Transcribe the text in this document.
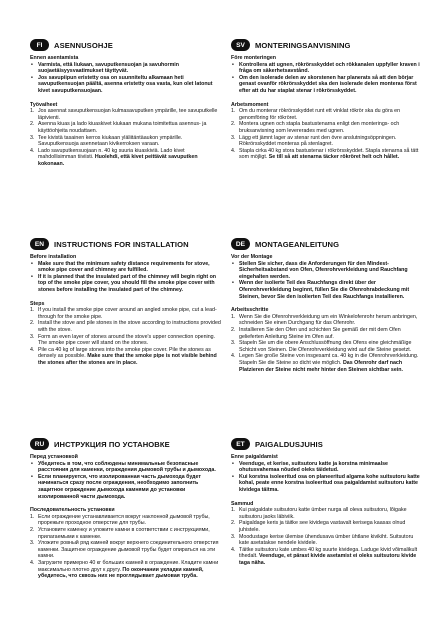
FI	ASENNUSOHJE
Ennen asentamista
• Varmista, että liukaan, savuputkensuojan ja savuhormin suojaetäisyysvaatimukset täyttyvät.
• Jos savupiipun eristetty osa on suunniteltu alkamaan heti savuputkensuojan päältä, asenna eristetty osa vasta, kun olet latonut kivet savuputkensuojaan.
Työvaiheet
1. Jos asennat savuputkensuojan kulmasavuputken ympärille, tee savuputkelle läpivienti.
2. Asenna kiuas ja lado kiuaskivet kiukaan mukana toimitettua asennus- ja käyttöohjeita noudattaen.
3. Tee kivistä tasainen kerros kiukaan yläliitäntäaukon ympärille. Savuputkensuoja asennetaan kivikerroksen varaan.
4. Lado savuputkensuojaan n. 40 kg suuria kiuaskiviä. Lado kivet mahdollisimman tiiviisti. Huolehdi, että kivet peittävät savuputken kokonaan.
EN	INSTRUCTIONS FOR INSTALLATION
Before installation
• Make sure that the minimum safety distance requirements for stove, smoke pipe cover and chimney are fulfilled.
• If it is planned that the insulated part of the chimney will begin right on top of the smoke pipe cover, you should fill the smoke pipe cover with stones before installing the insulated part of the chimney.
Steps
1. If you install the smoke pipe cover around an angled smoke pipe, cut a lead-through for the smoke pipe.
2. Install the stove and pile stones in the stove according to instructions provided with the stove.
3. Form an even layer of stones around the stove's upper connection opening. The smoke pipe cover will stand on the stones.
4. Pile ca 40 kg of large stones into the smoke pipe cover. Pile the stones as densely as possible. Make sure that the smoke pipe is not visible behind the stones after the stones are in place.
RU	ИНСТРУКЦИЯ ПО УСТАНОВКЕ
Перед установкой
• Убедитесь в том, что соблюдены минимальные безопасные расстояния для каменки, ограждения дымовой трубы и дымохода.
• Если планируется, что изолированная часть дымохода будет начинаться сразу после ограждения, необходимо заполнить защитное ограждение дымохода камнями до установки изолированной части дымохода.
Последовательность установки
1. Если ограждение устанавливается вокруг наклонной дымовой трубы, прорежьте проходное отверстие для трубы.
2. Установите каменку и уложите камни в соответствии с инструкциями, прилагаемыми к каменке.
3. Уложите ровный ряд камней вокруг верхнего соединительного отверстия каменки. Защитное ограждение дымовой трубы будет опираться на эти камни.
4. Загрузите примерно 40 кг больших камней в ограждение. Кладите камни максимально плотно друг к другу. По окончании укладки камней, убедитесь, что сквозь них не проглядывает дымовая труба.
SV	MONTERINGSANVISNING
Före monteringen
• Kontrollera att ugnen, rökrörsskyddet och rökkanalen uppfyller kraven i fråga om säkerhetsavstånd.
• Om den isolerade delen av skorstenen har planerats så att den börjar genast ovanför rökrörsskyddet ska den isolerade delen monteras först efter att du har staplat stenar i rökrörsskyddet.
Arbetsmoment
1. Om du monterar rökrörsskyddet runt ett vinklat rökrör ska du göra en genomföring för rökröret.
2. Montera ugnen och stapla bastustenarna enligt den monterings- och bruksanvisning som levererades med ugnen.
3. Lägg ett jämnt lager av stenar runt den övre anslutningsöppningen. Rökrörsskyddet monteras på stenlagret.
4. Stapla cirka 40 kg stora bastustenar i rökrörsskyddet. Stapla stenarna så tätt som möjligt. Se till så att stenarna täcker rökröret helt och hållet.
DE	MONTAGEANLEITUNG
Vor der Montage
• Stellen Sie sicher, dass die Anforderungen für den Mindest-Sicherheitsabstand von Ofen, Ofenrohrverkleidung und Rauchfang eingehalten werden.
• Wenn der isolierte Teil des Rauchfangs direkt über der Ofenrohrverkleidung beginnt, füllen Sie die Ofenrohrabdeckung mit Steinen, bevor Sie den isolierten Teil des Rauchfangs installieren.
Arbeitsschritte
1. Wenn Sie die Ofenrohrverkleidung um ein Winkelofenrohr herum anbringen, schneiden Sie einen Durchgang für das Ofenrohr.
2. Installieren Sie den Ofen und schichten Sie gemäß der mit dem Ofen gelieferten Anleitung Steine im Ofen auf.
3. Stapeln Sie um die obere Anschlussöffnung des Ofens eine gleichmäßige Schicht von Steinen. Die Ofenrohrverkleidung wird auf die Steine gesetzt.
4. Legen Sie große Steine von insgesamt ca. 40 kg in die Ofenrohrverkleidung. Stapeln Sie die Steine so dicht wie möglich. Das Ofenrohr darf nach Platzieren der Steine nicht mehr hinter den Steinen sichtbar sein.
ET	PAIGALDUSJUHIS
Enne paigaldamist
• Veenduge, et kerise, suitsutoru katte ja korstna minimaalse ohutusvahemaa nõuded oleks täidetud.
• Kui korstna isoleeritud osa on planeeritud algama kohe suitsutoru katte kohal, peate enne korstna isoleeritud osa paigaldamist suitsutoru katte kividega täitma.
Sammud
1. Kui paigaldate suitsutoru katte ümber nurga all oleva suitsutoru, lõigake suitsutoru jaoks läbiviik.
2. Paigaldage keris ja täitke see kividega vastavalt kerisega kaasas olnud juhistele.
3. Moodustage kerise ülemise ühendusava ümber ühtlane kivikiht. Suitsutoru kate asetatakse nendele kividele.
4. Täitke suitsutoru kate umbes 40 kg suurte kividega. Laduge kivid võimalikult tihedalt. Veenduge, et pärast kivide asetamist ei oleks suitsutoru kivide taga näha.
